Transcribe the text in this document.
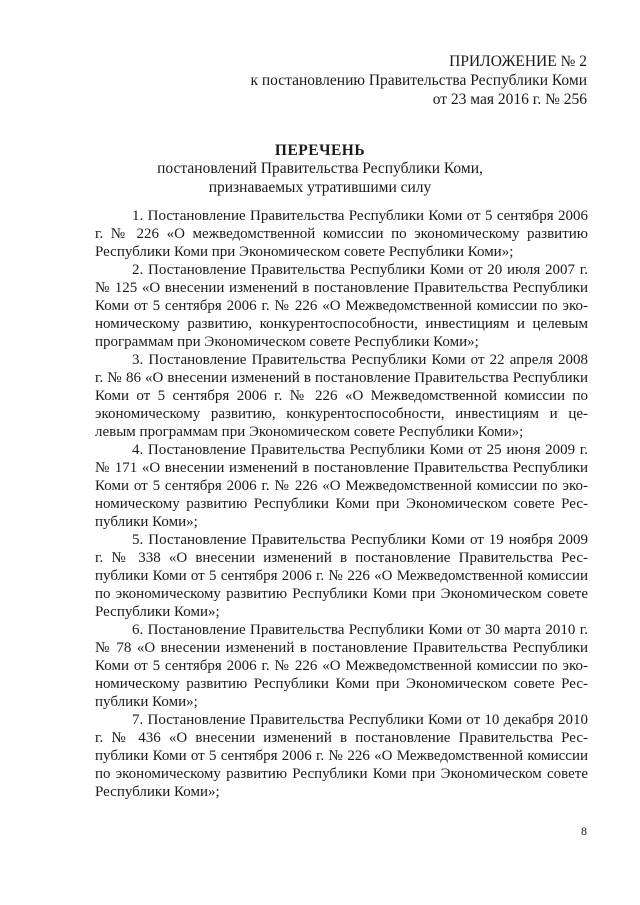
ПРИЛОЖЕНИЕ № 2
к постановлению Правительства Республики Коми
от 23 мая 2016 г. № 256
ПЕРЕЧЕНЬ
постановлений Правительства Республики Коми,
признаваемых утратившими силу

1. Постановление Правительства Республики Коми от 5 сентября 2006 г. № 226 «О межведомственной комиссии по экономическому развитию Республики Коми при Экономическом совете Республики Коми»;

2. Постановление Правительства Республики Коми от 20 июля 2007 г. № 125 «О внесении изменений в постановление Правительства Республики Коми от 5 сентября 2006 г. № 226 «О Межведомственной комиссии по экономическому развитию, конкурентоспособности, инвестициям и целевым программам при Экономическом совете Республики Коми»;

3. Постановление Правительства Республики Коми от 22 апреля 2008 г. № 86 «О внесении изменений в постановление Правительства Республики Коми от 5 сентября 2006 г. № 226 «О Межведомственной комиссии по экономическому развитию, конкурентоспособности, инвестициям и целевым программам при Экономическом совете Республики Коми»;

4. Постановление Правительства Республики Коми от 25 июня 2009 г. № 171 «О внесении изменений в постановление Правительства Республики Коми от 5 сентября 2006 г. № 226 «О Межведомственной комиссии по экономическому развитию Республики Коми при Экономическом совете Республики Коми»;

5. Постановление Правительства Республики Коми от 19 ноября 2009 г. № 338 «О внесении изменений в постановление Правительства Республики Коми от 5 сентября 2006 г. № 226 «О Межведомственной комиссии по экономическому развитию Республики Коми при Экономическом совете Республики Коми»;

6. Постановление Правительства Республики Коми от 30 марта 2010 г. № 78 «О внесении изменений в постановление Правительства Республики Коми от 5 сентября 2006 г. № 226 «О Межведомственной комиссии по экономическому развитию Республики Коми при Экономическом совете Республики Коми»;

7. Постановление Правительства Республики Коми от 10 декабря 2010 г. № 436 «О внесении изменений в постановление Правительства Республики Коми от 5 сентября 2006 г. № 226 «О Межведомственной комиссии по экономическому развитию Республики Коми при Экономическом совете Республики Коми»;

8
